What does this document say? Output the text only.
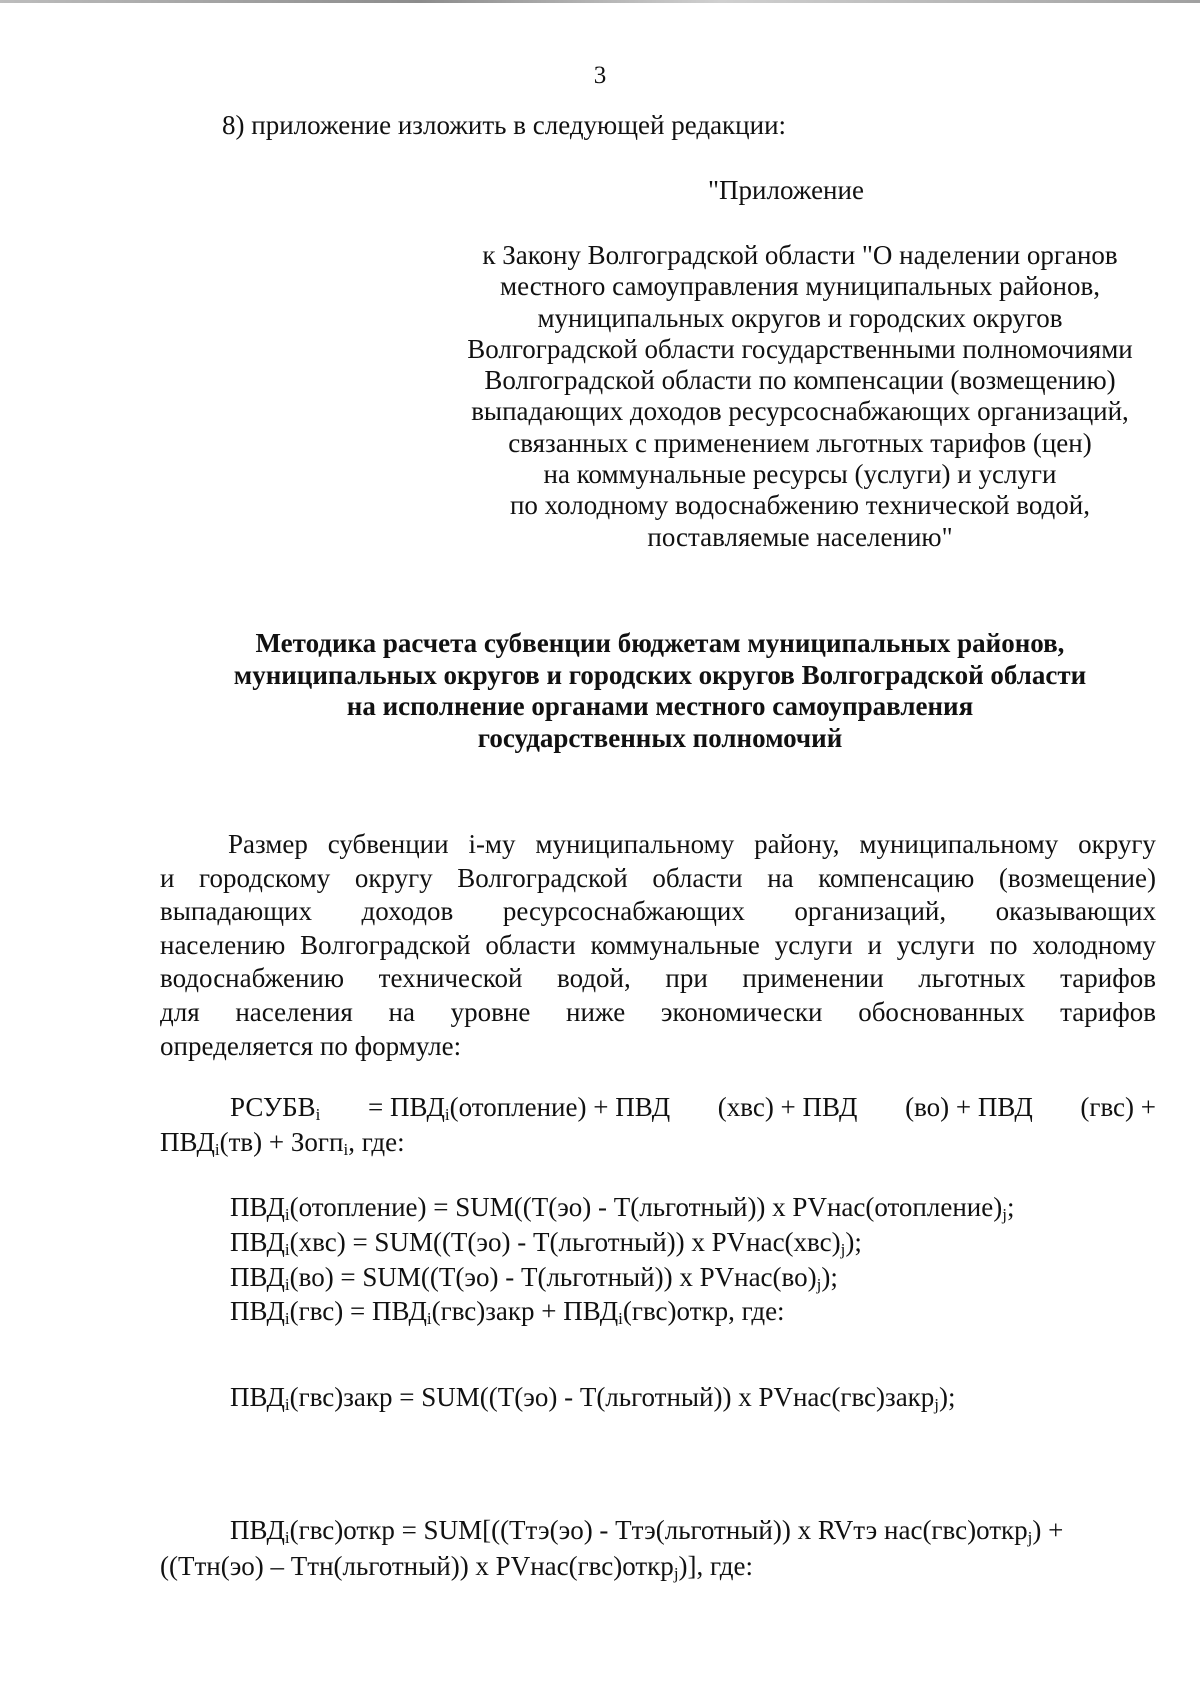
3
8) приложение изложить в следующей редакции:
"Приложение
к Закону Волгоградской области "О наделении органов
местного самоуправления муниципальных районов,
муниципальных округов и городских округов
Волгоградской области государственными полномочиями
Волгоградской области по компенсации (возмещению)
выпадающих доходов ресурсоснабжающих организаций,
связанных с применением льготных тарифов (цен)
на коммунальные ресурсы (услуги) и услуги
по холодному водоснабжению технической водой,
поставляемые населению"
Методика расчета субвенции бюджетам муниципальных районов,
муниципальных округов и городских округов Волгоградской области
на исполнение органами местного самоуправления
государственных полномочий
Размер субвенции i-му муниципальному району, муниципальному округу
и городскому округу Волгоградской области на компенсацию (возмещение)
выпадающих доходов ресурсоснабжающих организаций, оказывающих
населению Волгоградской области коммунальные услуги и услуги по холодному
водоснабжению технической водой, при применении льготных тарифов
для населения на уровне ниже экономически обоснованных тарифов
определяется по формуле:
$РСУБВ_i$ = $ПВД_i(отопление)$ + ПВД (хвс) + ПВД (во) + ПВД (гвс) +
$ПВД_i(тв)$ + Зогп$_i$, где:
$ПВД_i(отопление) = SUM((Т(эо)$ - Т(льготный)) х $PVнас(отопление)_j$;
$ПВД_i(хвс) = SUM((Т(эо)$ - Т(льготный)) х $PVнас(хвс)_j$);
$ПВД_i(во) = SUM((Т(эо)$ - Т(льготный)) х $PVнас(во)_j$);
$ПВД_i(гвс)$ = $ПВД_i(гвс)закр$ + $ПВД_i(гвс)откр$, где:
$ПВД_i(гвс)закр = SUM((Т(эо)$ - Т(льготный)) х PVнас(гвс)закр$_j$);
$ПВД_i(гвс)откр = SUM[((Ттэ(эо)$ - Ттэ(льготный)) х RVтэ нас(гвс)откр$_j$) +
((Ттн(эо) – Ттн(льготный)) х PVнас(гвс)откр$_j$)], где:
